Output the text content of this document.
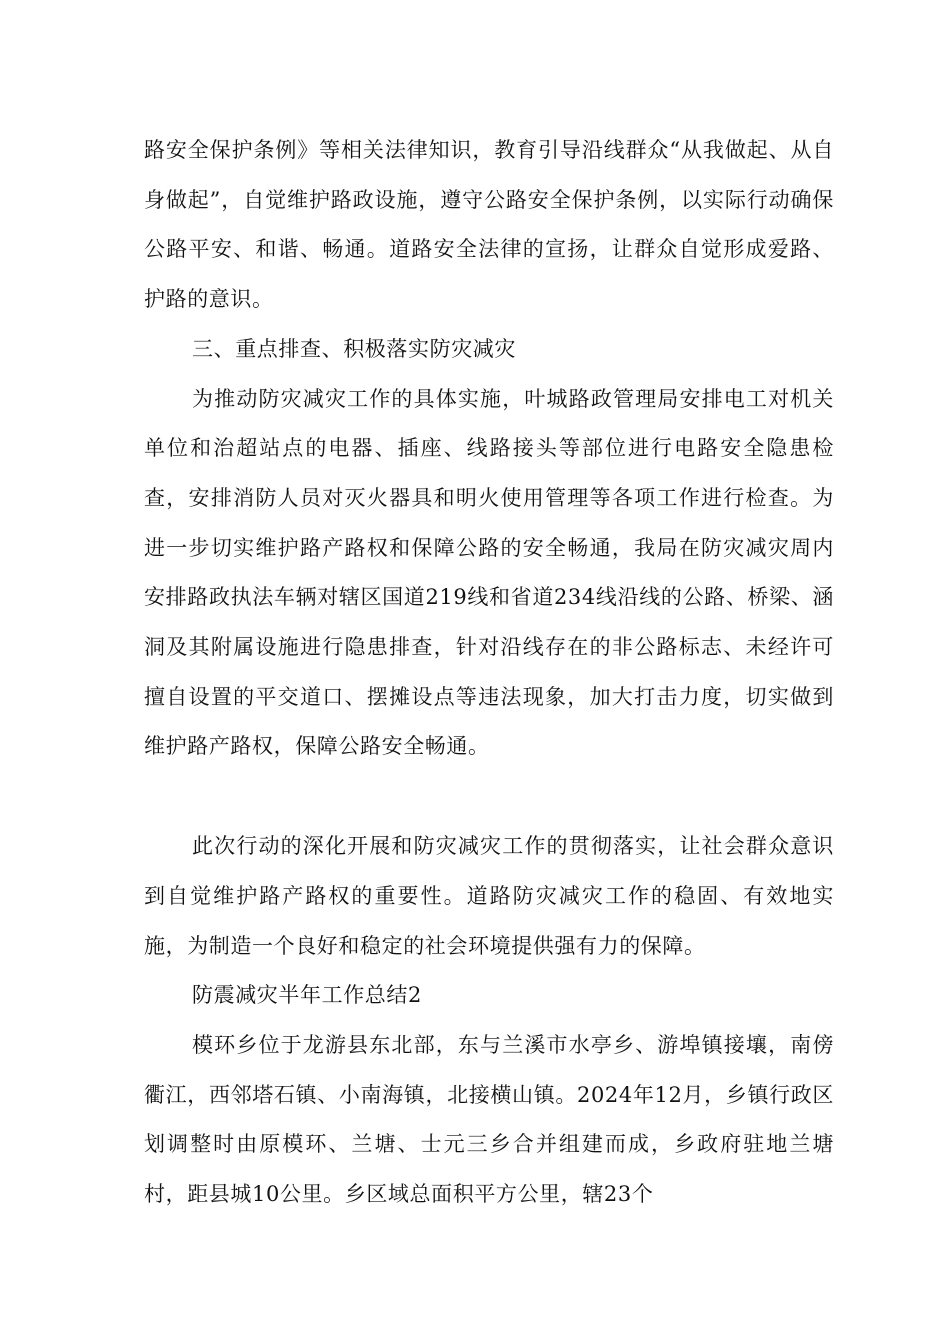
路安全保护条例》等相关法律知识，教育引导沿线群众“从我做起、从自身做起”，自觉维护路政设施，遵守公路安全保护条例，以实际行动确保公路平安、和谐、畅通。道路安全法律的宣扬，让群众自觉形成爱路、护路的意识。

三、重点排查、积极落实防灾减灾

为推动防灾减灾工作的具体实施，叶城路政管理局安排电工对机关单位和治超站点的电器、插座、线路接头等部位进行电路安全隐患检查，安排消防人员对灭火器具和明火使用管理等各项工作进行检查。为进一步切实维护路产路权和保障公路的安全畅通，我局在防灾减灾周内安排路政执法车辆对辖区国道219线和省道234线沿线的公路、桥梁、涵洞及其附属设施进行隐患排查，针对沿线存在的非公路标志、未经许可擅自设置的平交道口、摆摊设点等违法现象，加大打击力度，切实做到维护路产路权，保障公路安全畅通。

此次行动的深化开展和防灾减灾工作的贯彻落实，让社会群众意识到自觉维护路产路权的重要性。道路防灾减灾工作的稳固、有效地实施，为制造一个良好和稳定的社会环境提供强有力的保障。

防震减灾半年工作总结2

模环乡位于龙游县东北部，东与兰溪市水亭乡、游埠镇接壤，南傍衢江，西邻塔石镇、小南海镇，北接横山镇。2024年12月，乡镇行政区划调整时由原模环、兰塘、士元三乡合并组建而成，乡政府驻地兰塘村，距县城10公里。乡区域总面积平方公里，辖23个
